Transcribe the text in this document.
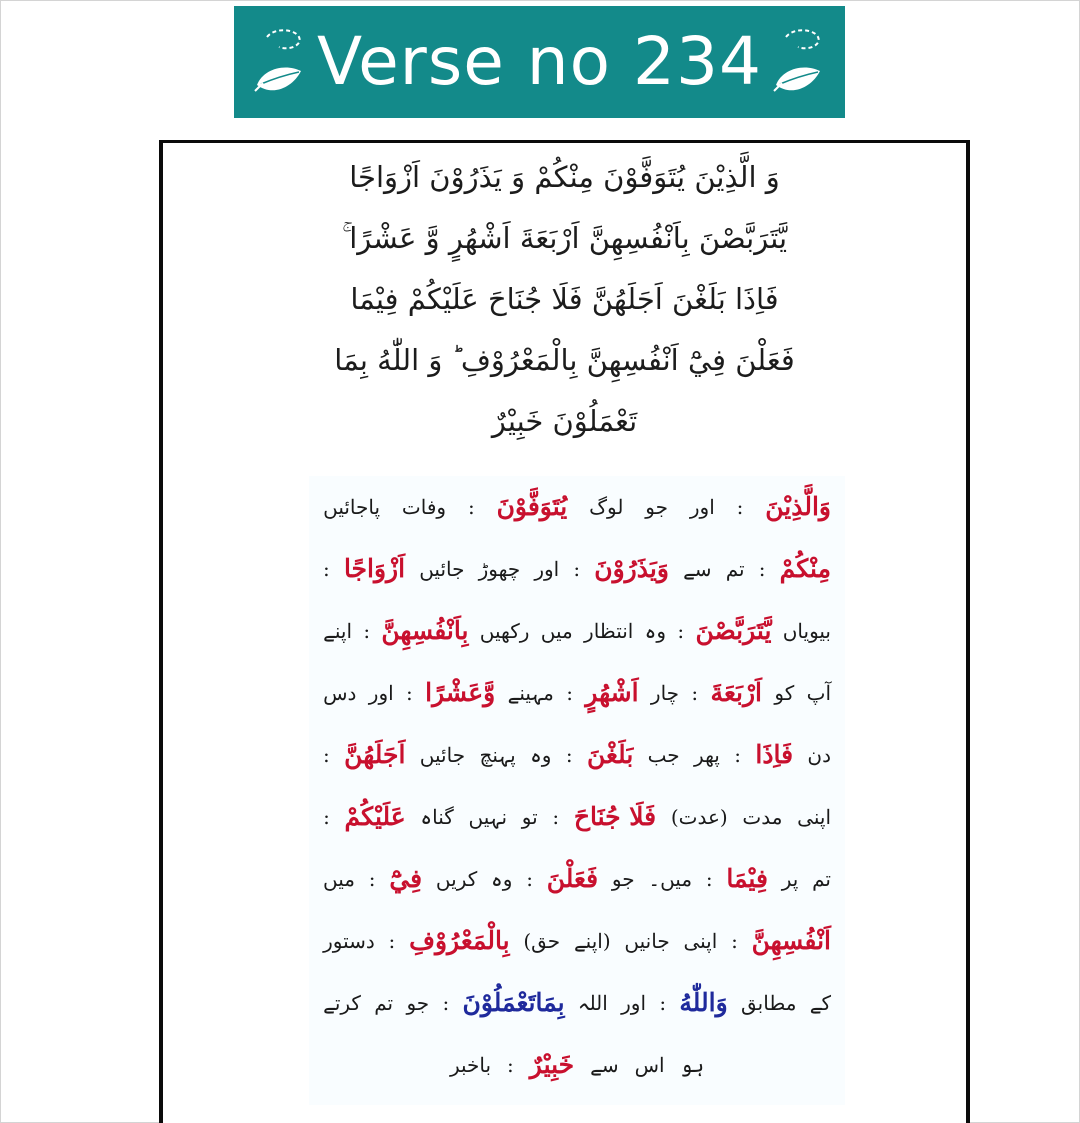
Verse no 234
وَ الَّذِيْنَ يُتَوَفَّوْنَ مِنْكُمْ وَ يَذَرُوْنَ اَزْوَاجًا
يَّتَرَبَّصْنَ بِاَنْفُسِهِنَّ اَرْبَعَةَ اَشْهُرٍ وَّ عَشْرًا ۚ
فَاِذَا بَلَغْنَ اَجَلَهُنَّ فَلَا جُنَاحَ عَلَيْكُمْ فِيْمَا
فَعَلْنَ فِيْٓ اَنْفُسِهِنَّ بِالْمَعْرُوْفِ ؕ وَ اللّٰهُ بِمَا
تَعْمَلُوْنَ خَبِيْرٌ
وَالَّذِيْنَ
:
اور
جو
لوگ
يُتَوَفَّوْنَ
:
وفات
پاجائیں
مِنْكُمْ
:
تم
سے
وَيَذَرُوْنَ
:
اور
چھوڑ
جائیں
اَزْوَاجًا
:
بیویاں
يَّتَرَبَّصْنَ
:
وہ
انتظار
میں
رکھیں
بِاَنْفُسِهِنَّ
:
اپنے
آپ
کو
اَرْبَعَةَ
:
چار
اَشْهُرٍ
:
مہینے
وَّعَشْرًا
:
اور
دس
دن
فَاِذَا
:
پھر
جب
بَلَغْنَ
:
وہ
پہنچ
جائیں
اَجَلَهُنَّ
:
اپنی
مدت
(عدت)
فَلَا جُنَاحَ
:
تو
نہیں
گناہ
عَلَيْكُمْ
:
تم
پر
فِيْمَا
:
میں۔
جو
فَعَلْنَ
:
وہ
کریں
فِيْٓ
:
میں
اَنْفُسِهِنَّ
:
اپنی
جانیں
(اپنے
حق)
بِالْمَعْرُوْفِ
:
دستور
کے
مطابق
وَاللّٰهُ
:
اور
اللہ
بِمَاتَعْمَلُوْنَ
:
جو
تم
کرتے
ہو
اس
سے
خَبِيْرٌ
:
باخبر
